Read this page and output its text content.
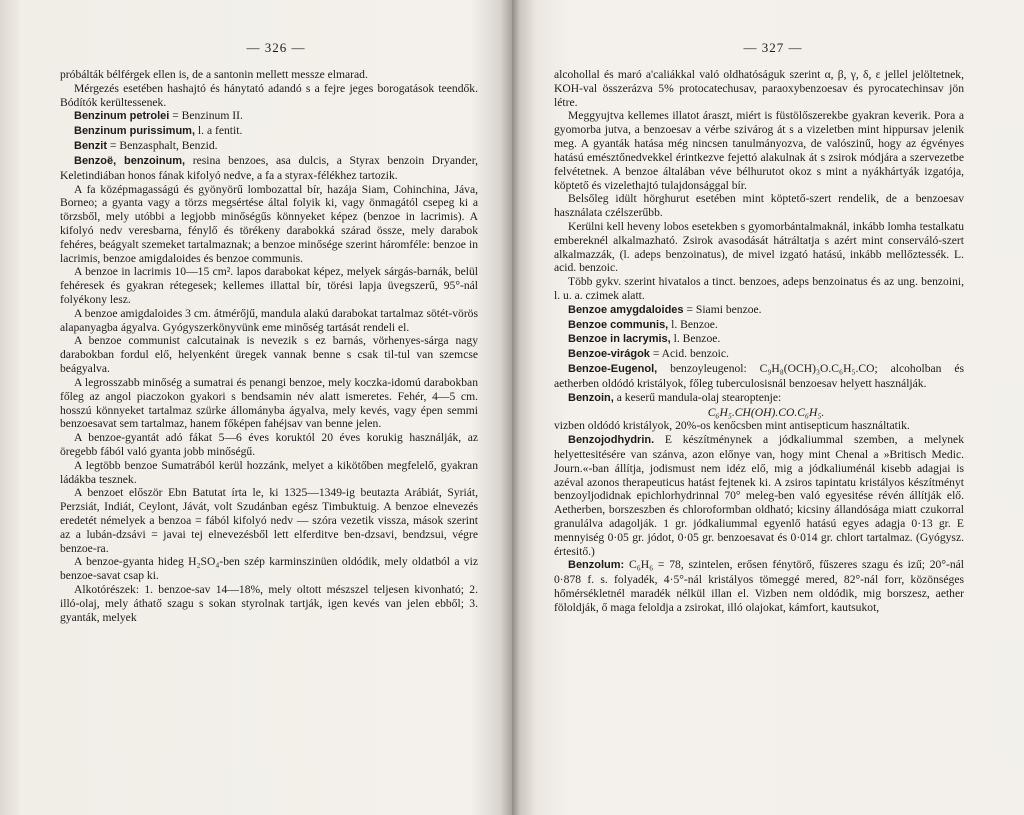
— 326 —

próbálták bélférgek ellen is, de a santonin mellett messze elmarad.

Mérgezés esetében hashajtó és hánytató adandó s a fejre jeges borogatások teendők. Bódítók kerültessenek.

Benzinum petrolei = Benzinum II.

Benzinum purissimum, l. a fentit.

Benzit = Benzasphalt, Benzid.

Benzoë, benzoinum, resina benzoes, asa dulcis, a Styrax benzoin Dryander, Keletindiában honos fának kifolyó nedve, a fa a styrax-félékhez tartozik.

A fa középmagasságú és gyönyörű lombozattal bír, hazája Siam, Cohinchina, Jáva, Borneo; a gyanta vagy a törzs megsértése által folyik ki, vagy önmagától csepeg ki a törzsből, mely utóbbi a legjobb minőségűs könnyeket képez (benzoe in lacrimis). A kifolyó nedv veresbarna, fénylő és törékeny darabokká szárad össze, mely darabok fehéres, beágyalt szemeket tartalmaznak; a benzoe minősége szerint háromféle: benzoe in lacrimis, benzoe amigdaloides és benzoe communis.

A benzoe in lacrimis 10—15 cm². lapos darabokat képez, melyek sárgás-barnák, belül fehéresek és gyakran rétegesek; kellemes illattal bír, törési lapja üvegszerű, 95°-nál folyékony lesz.

A benzoe amigdaloides 3 cm. átmérőjű, mandula alakú darabokat tartalmaz sötét-vörös alapanyagba ágyalva. Gyógyszerkönyvünk eme minőség tartását rendeli el.

A benzoe communist calcutainak is nevezik s ez barnás, vörhenyes-sárga nagy darabokban fordul elő, helyenként üregek vannak benne s csak til-tul van szemcse beágyalva.

A legrosszabb minőség a sumatrai és penangi benzoe, mely koczka-idomú darabokban főleg az angol piaczokon gyakori s bendsamin név alatt ismeretes. Fehér, 4—5 cm. hosszú könnyeket tartalmaz szürke állományba ágyalva, mely kevés, vagy épen semmi benzoesavat sem tartalmaz, hanem főképen fahéjsav van benne jelen.

A benzoe-gyantát adó fákat 5—6 éves koruktól 20 éves korukig használják, az öregebb fából való gyanta jobb minőségű.

A legtöbb benzoe Sumatrából kerül hozzánk, melyet a kikötőben megfelelő, gyakran ládákba tesznek.

A benzoet először Ebn Batutat írta le, ki 1325—1349-ig beutazta Arábiát, Syriát, Perzsiát, Indiát, Ceylont, Jávát, volt Szudánban egész Timbuktuig. A benzoe elnevezés eredetét némelyek a benzoa = fából kifolyó nedv — szóra vezetik vissza, mások szerint az a lubán-dzsávi = javai tej elnevezésből lett elferditve ben-dzsavi, bendzsui, végre benzoe-ra.

A benzoe-gyanta hideg H₂SO₄-ben szép karminszinüen oldódik, mely oldatból a viz benzoe-savat csap ki.

Alkotórészek: 1. benzoe-sav 14—18%, mely oltott mészszel teljesen kivonható; 2. illó-olaj, mely áthatő szagu s sokan styrolnak tartják, igen kevés van jelen ebből; 3. gyanták, melyek

— 327 —

alcohollal és maró a'caliákkal való oldhatóságuk szerint α, β, γ, δ, ε jellel jelöltetnek, KOH-val összerázva 5% protocatechusav, paraoxybenzoesav és pyrocatechinsav jön létre.

Meggyujtva kellemes illatot áraszt, miért is füstölőszerekbe gyakran keverik. Pora a gyomorba jutva, a benzoesav a vérbe szivárog át s a vizeletben mint hippursav jelenik meg. A gyanták hatása még nincsen tanulmányozva, de valószinű, hogy az égvényes hatású emésztőnedvekkel érintkezve fejettó alakulnak át s zsirok módjára a szervezetbe felvétetnek. A benzoe általában véve bélhurutot okoz s mint a nyákhártyák izgatója, köptető és vizelethajtó tulajdonsággal bír.

Belsőleg idült hörghurut esetében mint köptető-szert rendelik, de a benzoesav használata czélszerűbb.

Kerülni kell heveny lobos esetekben s gyomorbántalmaknál, inkább lomha testalkatu embereknél alkalmazható. Zsirok avasodását hátráltatja s azért mint conserváló-szert alkalmazzák, (l. adeps benzoinatus), de mivel izgató hatású, inkább mellőztessék. L. acid. benzoic.

Több gykv. szerint hivatalos a tinct. benzoes, adeps benzoinatus és az ung. benzoini, l. u. a. czimek alatt.

Benzoe amygdaloides = Siami benzoe.

Benzoe communis, l. Benzoe.

Benzoe in lacrymis, l. Benzoe.

Benzoe-virágok = Acid. benzoic.

Benzoe-Eugenol, benzoyleugenol: C₉H₈(OCH)₃O.C₆H₅.CO; alcoholban és aetherben oldódó kristályok, főleg tuberculosisnál benzoesav helyett használják.

Benzoin, a keserű mandula-olaj stearoptenje:

C₆H₅.CH(OH).CO.C₆H₅.

vizben oldódó kristályok, 20%-os kenőcsben mint antisepticum használtatik.

Benzojodhydrin. E készítménynek a jódkaliummal szemben, a melynek helyettesitésére van szánva, azon előnye van, hogy mint Chenal a »Britisch Medic. Journ.«-ban állítja, jodismust nem idéz elő, mig a jódkaliuménál kisebb adagjai is azéval azonos therapeuticus hatást fejtenek ki. A zsiros tapintatu kristályos készítményt benzoyljodidnak epichlorhydrinnal 70° meleg-ben való egyesitése révén állítják elő. Aetherben, borszeszben és chloroformban oldható; kicsiny állandósága miatt czukorral granulálva adagolják. 1 gr. jódkaliummal egyenlő hatású egyes adagja 0·13 gr. E mennyiség 0·05 gr. jódot, 0·05 gr. benzoesavat és 0·014 gr. chlort tartalmaz. (Gyógysz. értesitő.)

Benzolum: C₆H₆ = 78, szintelen, erősen fénytörő, fűszeres szagu és izű; 20°-nál 0·878 f. s. folyadék, 4·5°-nál kristályos tömeggé mered, 82°-nál forr, közönséges hőmérsékletnél maradék nélkül illan el. Vizben nem oldódik, mig borszesz, aether föloldják, ő maga feloldja a zsirokat, illó olajokat, kámfort, kautsukot,
